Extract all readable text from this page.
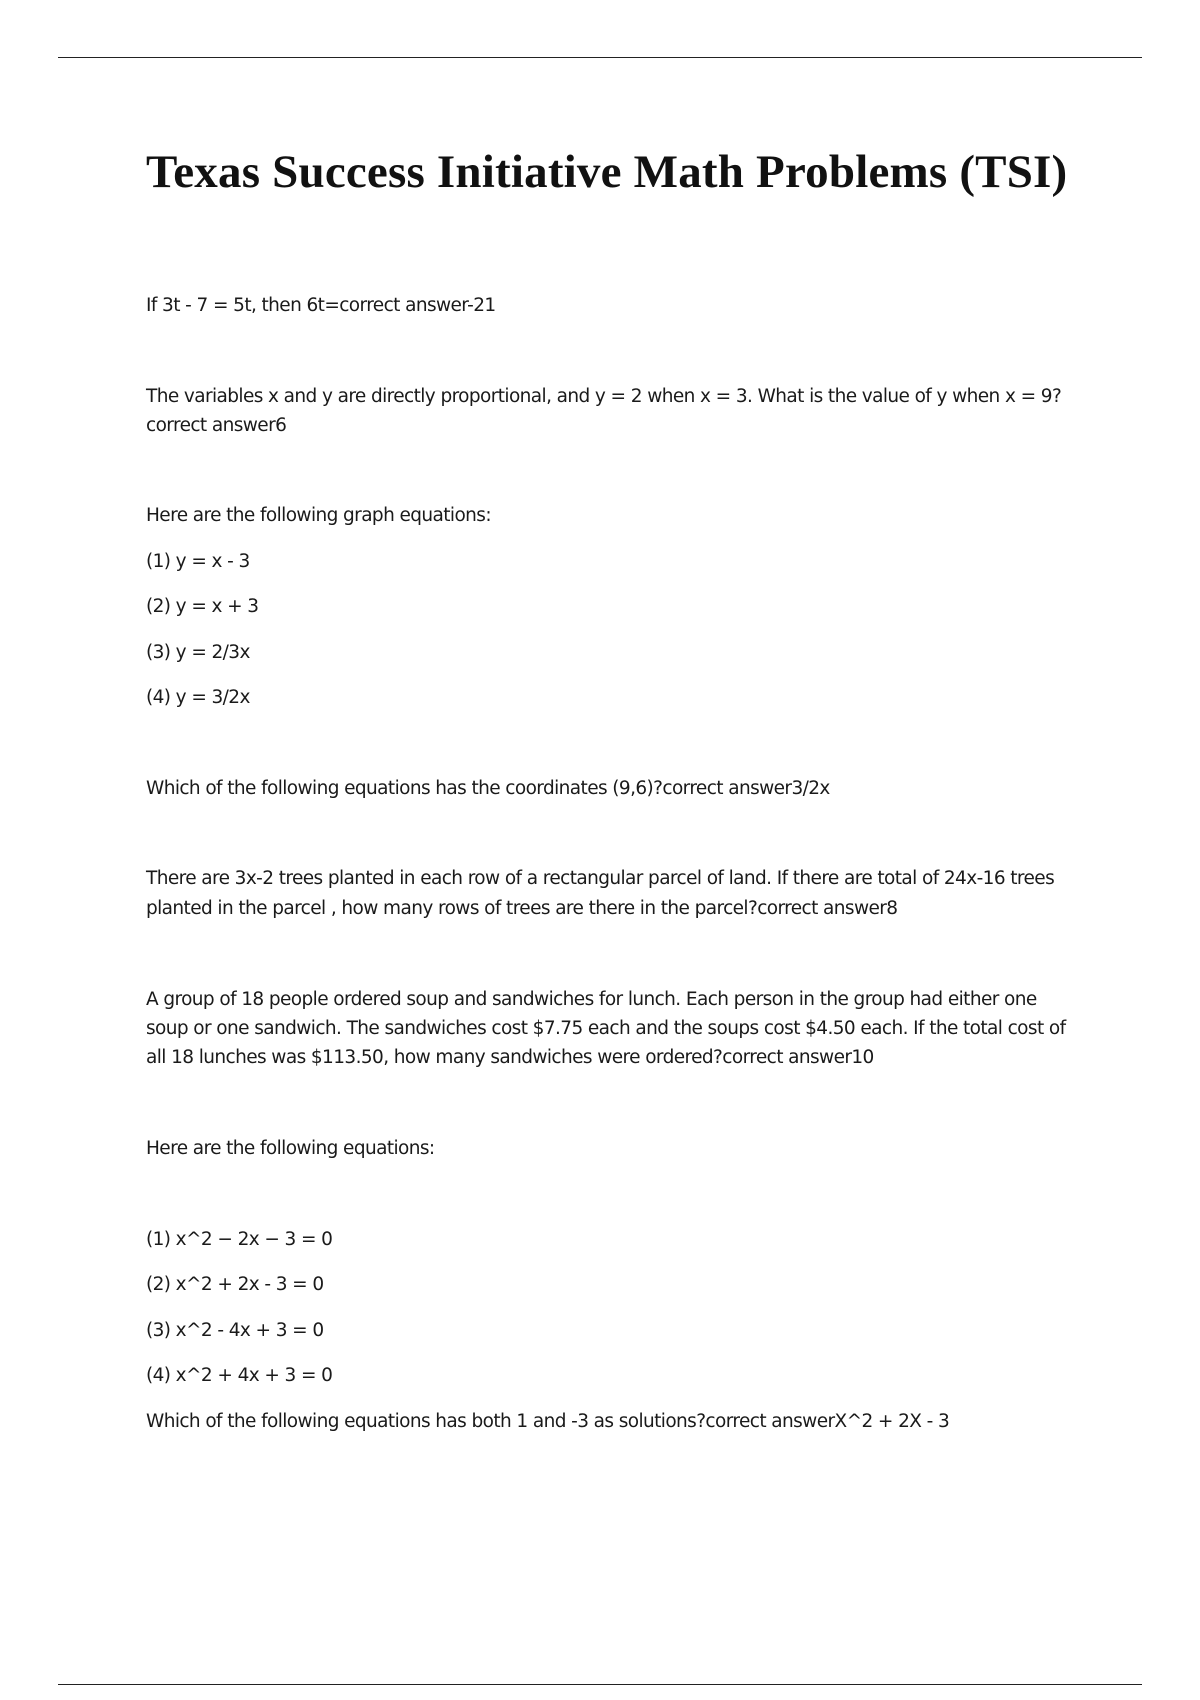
Texas Success Initiative Math Problems (TSI)

If 3t - 7 = 5t, then 6t=correct answer-21

The variables x and y are directly proportional, and y = 2 when x = 3. What is the value of y when x = 9?

correct answer6

Here are the following graph equations:

(1) y = x - 3

(2) y = x + 3

(3) y = 2/3x

(4) y = 3/2x

Which of the following equations has the coordinates (9,6)?correct answer3/2x

There are 3x-2 trees planted in each row of a rectangular parcel of land. If there are total of 24x-16 trees

planted in the parcel , how many rows of trees are there in the parcel?correct answer8

A group of 18 people ordered soup and sandwiches for lunch. Each person in the group had either one

soup or one sandwich. The sandwiches cost $7.75 each and the soups cost $4.50 each. If the total cost of

all 18 lunches was $113.50, how many sandwiches were ordered?correct answer10

Here are the following equations:

(1) x^2 − 2x − 3 = 0

(2) x^2 + 2x - 3 = 0

(3) x^2 - 4x + 3 = 0

(4) x^2 + 4x + 3 = 0

Which of the following equations has both 1 and -3 as solutions?correct answerX^2 + 2X - 3
